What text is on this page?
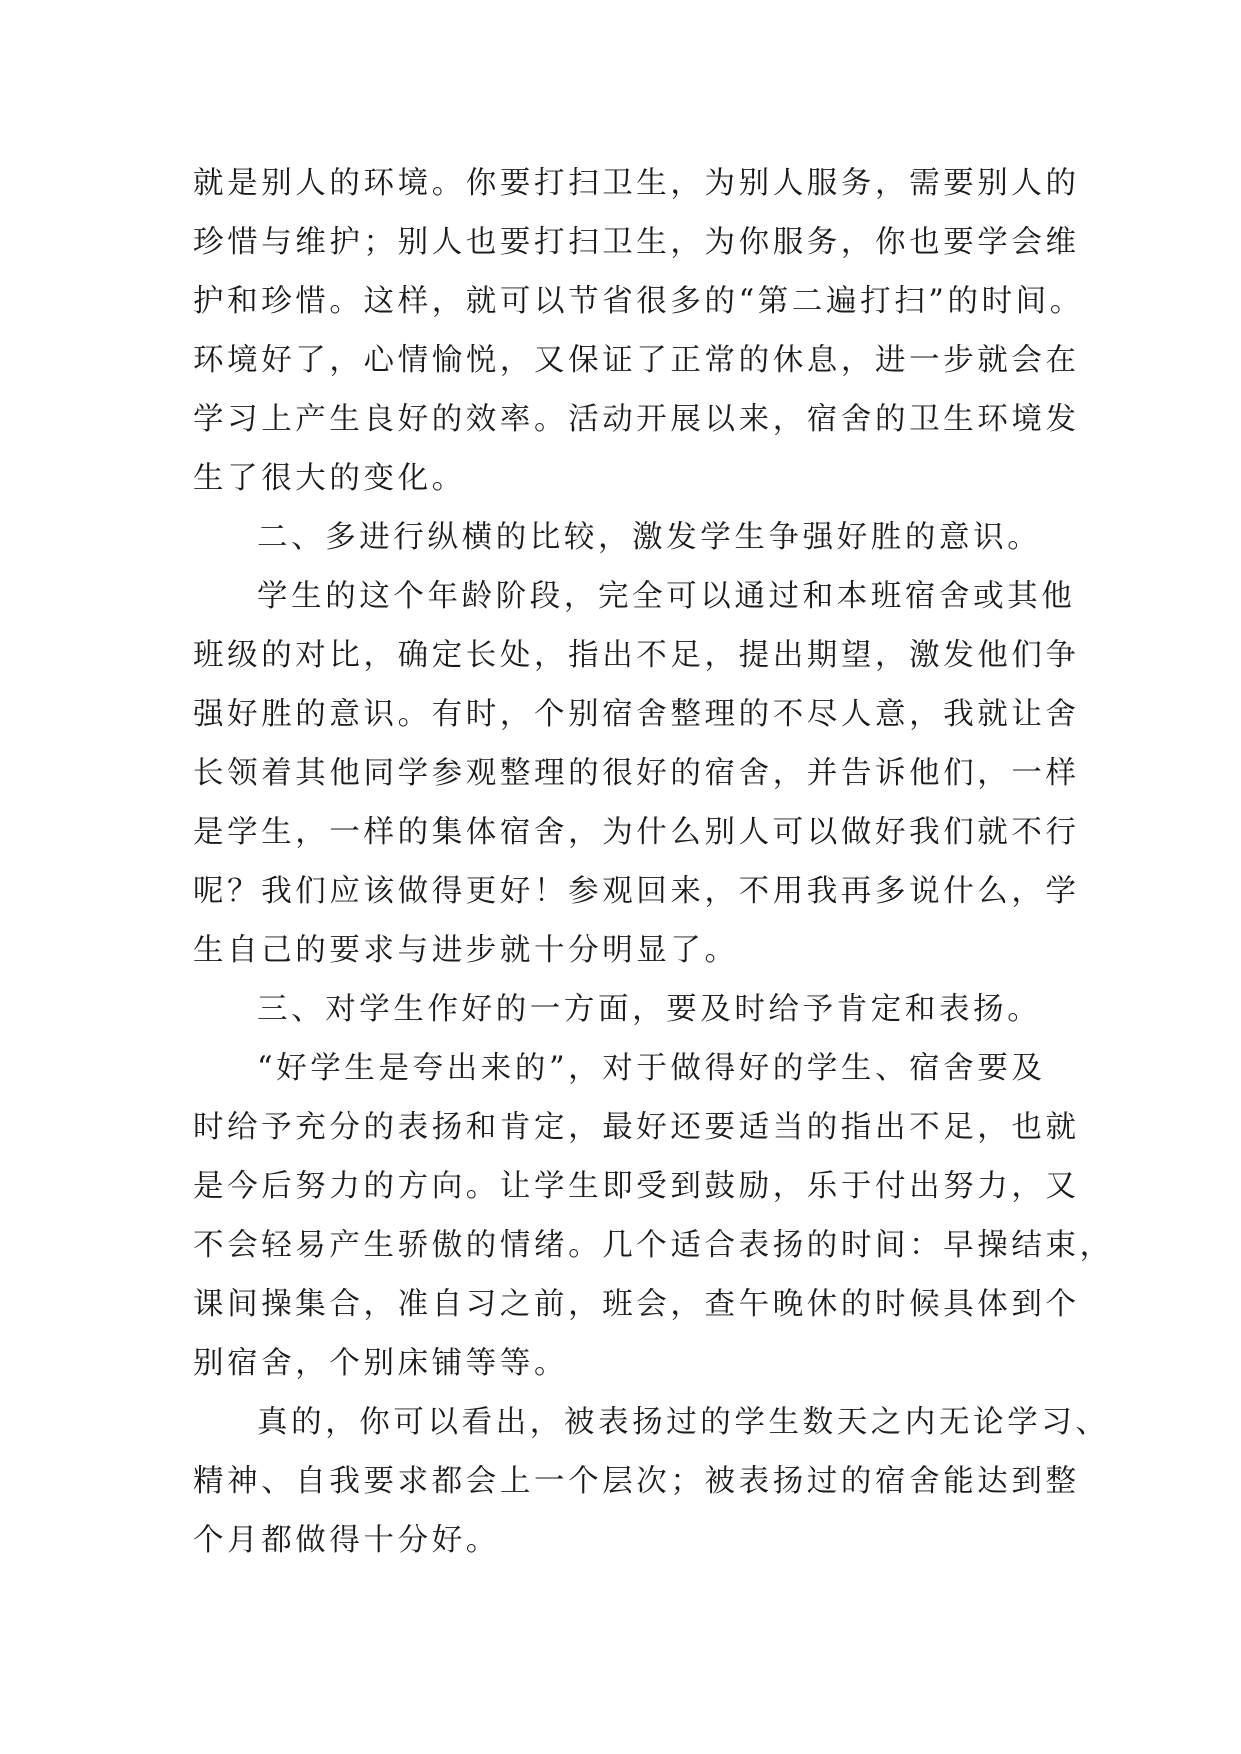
就是别人的环境。你要打扫卫生，为别人服务，需要别人的
珍惜与维护；别人也要打扫卫生，为你服务，你也要学会维
护和珍惜。这样，就可以节省很多的“第二遍打扫”的时间。
环境好了，心情愉悦，又保证了正常的休息，进一步就会在
学习上产生良好的效率。活动开展以来，宿舍的卫生环境发
生了很大的变化。
二、多进行纵横的比较，激发学生争强好胜的意识。
学生的这个年龄阶段，完全可以通过和本班宿舍或其他
班级的对比，确定长处，指出不足，提出期望，激发他们争
强好胜的意识。有时，个别宿舍整理的不尽人意，我就让舍
长领着其他同学参观整理的很好的宿舍，并告诉他们，一样
是学生，一样的集体宿舍，为什么别人可以做好我们就不行
呢？我们应该做得更好！参观回来，不用我再多说什么，学
生自己的要求与进步就十分明显了。
三、对学生作好的一方面，要及时给予肯定和表扬。
“好学生是夸出来的”，对于做得好的学生、宿舍要及
时给予充分的表扬和肯定，最好还要适当的指出不足，也就
是今后努力的方向。让学生即受到鼓励，乐于付出努力，又
不会轻易产生骄傲的情绪。几个适合表扬的时间：早操结束，
课间操集合，准自习之前，班会，查午晚休的时候具体到个
别宿舍，个别床铺等等。
真的，你可以看出，被表扬过的学生数天之内无论学习、
精神、自我要求都会上一个层次；被表扬过的宿舍能达到整
个月都做得十分好。
